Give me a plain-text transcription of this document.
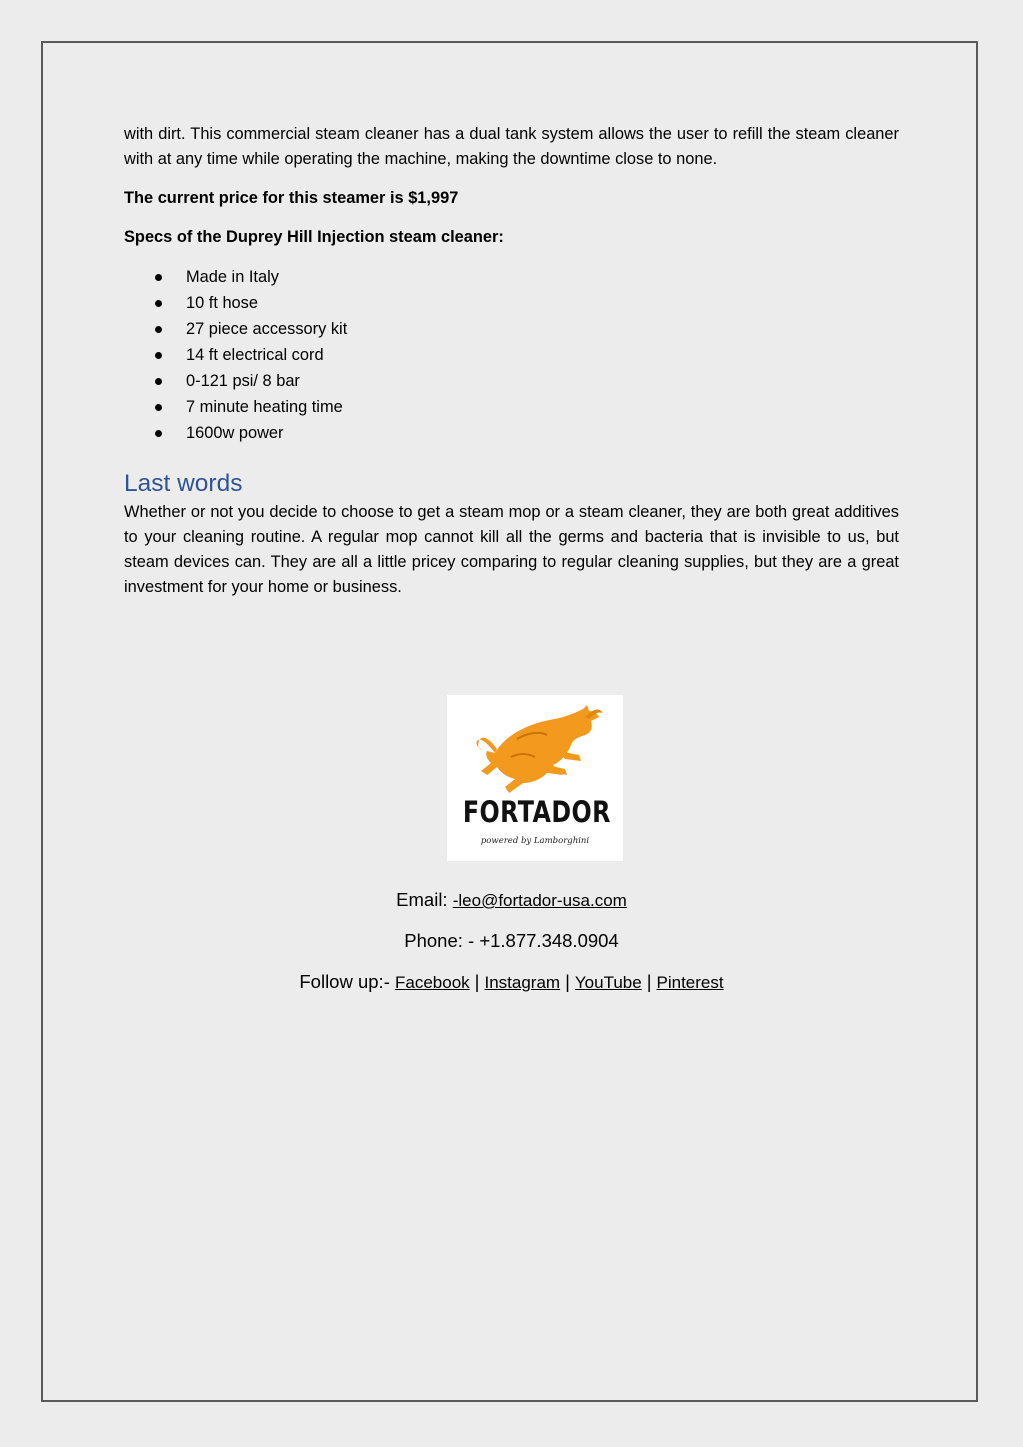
with dirt. This commercial steam cleaner has a dual tank system allows the user to refill the steam cleaner with at any time while operating the machine, making the downtime close to none.

The current price for this steamer is $1,997

Specs of the Duprey Hill Injection steam cleaner:

Made in Italy
10 ft hose
27 piece accessory kit
14 ft electrical cord
0-121 psi/ 8 bar
7 minute heating time
1600w power
Last words

Whether or not you decide to choose to get a steam mop or a steam cleaner, they are both great additives to your cleaning routine. A regular mop cannot kill all the germs and bacteria that is invisible to us, but steam devices can. They are all a little pricey comparing to regular cleaning supplies, but they are a great investment for your home or business.

FORTADOR
powered by Lamborghini
Email: -leo@fortador-usa.com
Phone: - +1.877.348.0904
Follow up:- Facebook | Instagram | YouTube | Pinterest
